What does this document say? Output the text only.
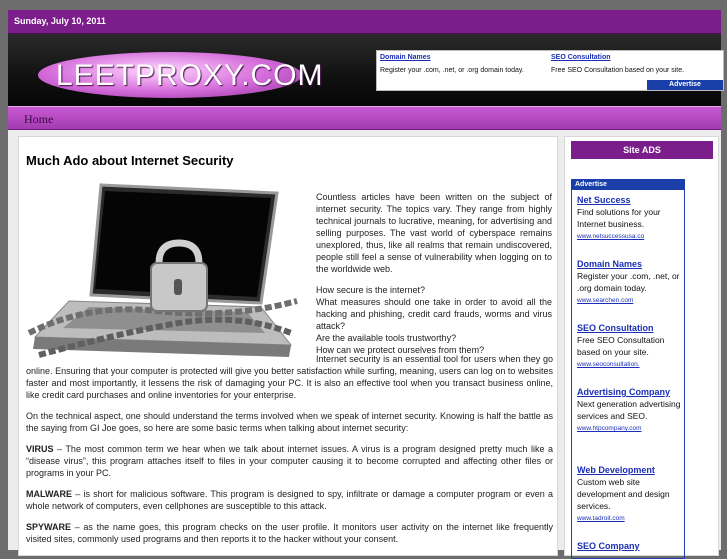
Sunday, July 10, 2011
LEETPROXY.COM
Domain Names
Register your .com, .net, or .org domain today.
SEO Consultation
Free SEO Consultation based on your site.
Advertise
Home
Much Ado about Internet Security

Countless articles have been written on the subject of internet security. The topics vary. They range from highly technical journals to lucrative, meaning, for advertising and selling purposes. The vast world of cyberspace remains unexplored, thus, like all realms that remain undiscovered, people still feel a sense of vulnerability when logging on to the worldwide web.

How secure is the internet?
What measures should one take in order to avoid all the hacking and phishing, credit card frauds, worms and virus attack?
Are the available tools trustworthy?
How can we protect ourselves from them?

Internet security is an essential tool for users when they go online. Ensuring that your computer is protected will give you better satisfaction while surfing, meaning, users can log on to websites faster and most importantly, it lessens the risk of damaging your PC. It is also an effective tool when you transact business online, like credit card purchases and online inventories for your enterprise.

On the technical aspect, one should understand the terms involved when we speak of internet security. Knowing is half the battle as the saying from GI Joe goes, so here are some basic terms when talking about internet security:

VIRUS – The most common term we hear when we talk about internet issues. A virus is a program designed pretty much like a “disease virus”, this program attaches itself to files in your computer causing it to become corrupted and affecting other files or programs in your PC.

MALWARE – is short for malicious software. This program is designed to spy, infiltrate or damage a computer program or even a whole network of computers, even cellphones are susceptible to this attack.

SPYWARE – as the name goes, this program checks on the user profile. It monitors user activity on the internet like frequently visited sites, commonly used programs and then reports it to the hacker without your consent.

Site ADS
Advertise
Net Success
Find solutions for your Internet business.
www.netsuccessusa.co
Domain Names
Register your .com, .net, or .org domain today.
www.searchen.com
SEO Consultation
Free SEO Consultation based on your site.
www.seoconsultation.
Advertising Company
Next generation advertising services and SEO.
www.htpcompany.com
Web Development
Custom web site development and design services.
www.tadroit.com
SEO Company
